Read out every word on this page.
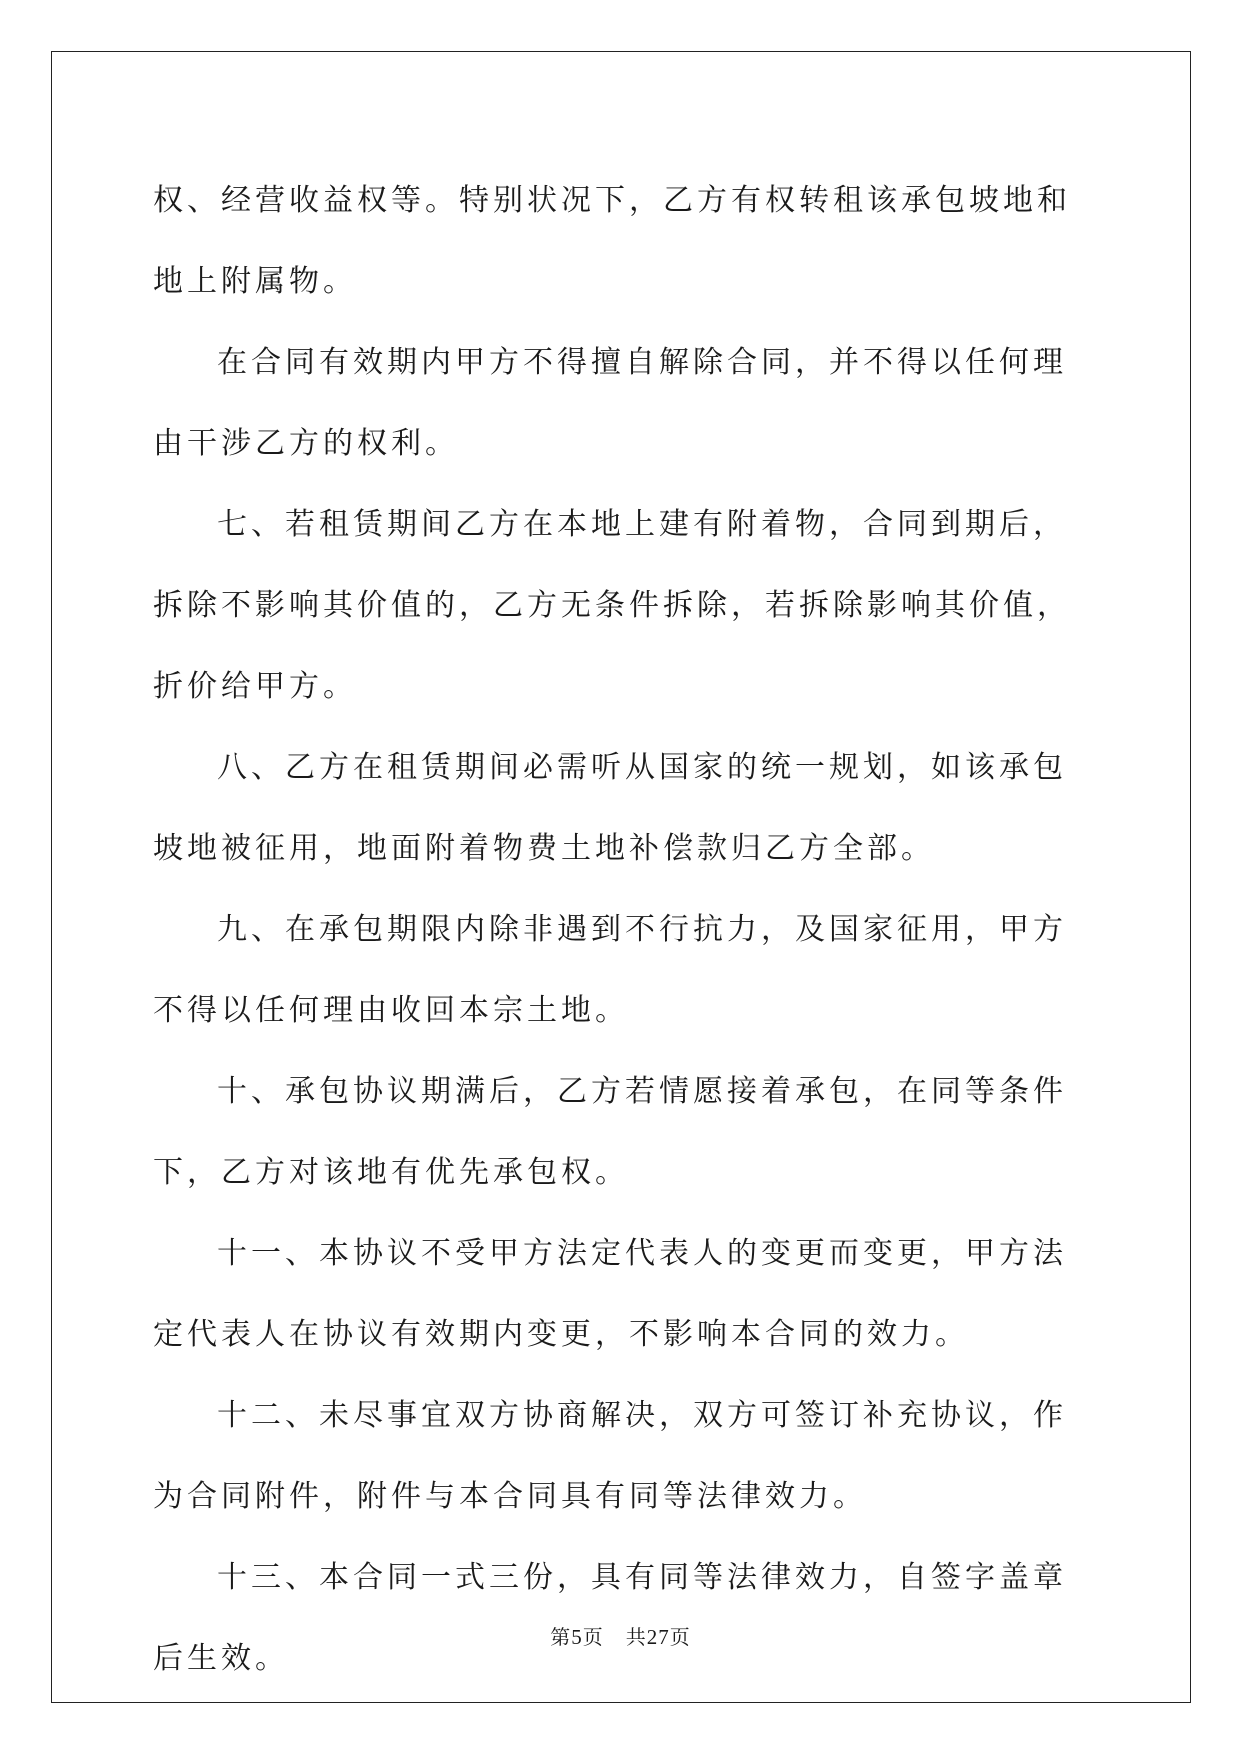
权、经营收益权等。特别状况下，乙方有权转租该承包坡地和地上附属物。

在合同有效期内甲方不得擅自解除合同，并不得以任何理由干涉乙方的权利。

七、若租赁期间乙方在本地上建有附着物，合同到期后，拆除不影响其价值的，乙方无条件拆除，若拆除影响其价值，折价给甲方。

八、乙方在租赁期间必需听从国家的统一规划，如该承包坡地被征用，地面附着物费土地补偿款归乙方全部。

九、在承包期限内除非遇到不行抗力，及国家征用，甲方不得以任何理由收回本宗土地。

十、承包协议期满后，乙方若情愿接着承包，在同等条件下，乙方对该地有优先承包权。

十一、本协议不受甲方法定代表人的变更而变更，甲方法定代表人在协议有效期内变更，不影响本合同的效力。

十二、未尽事宜双方协商解决，双方可签订补充协议，作为合同附件，附件与本合同具有同等法律效力。

十三、本合同一式三份，具有同等法律效力，自签字盖章后生效。

第5页 共27页
